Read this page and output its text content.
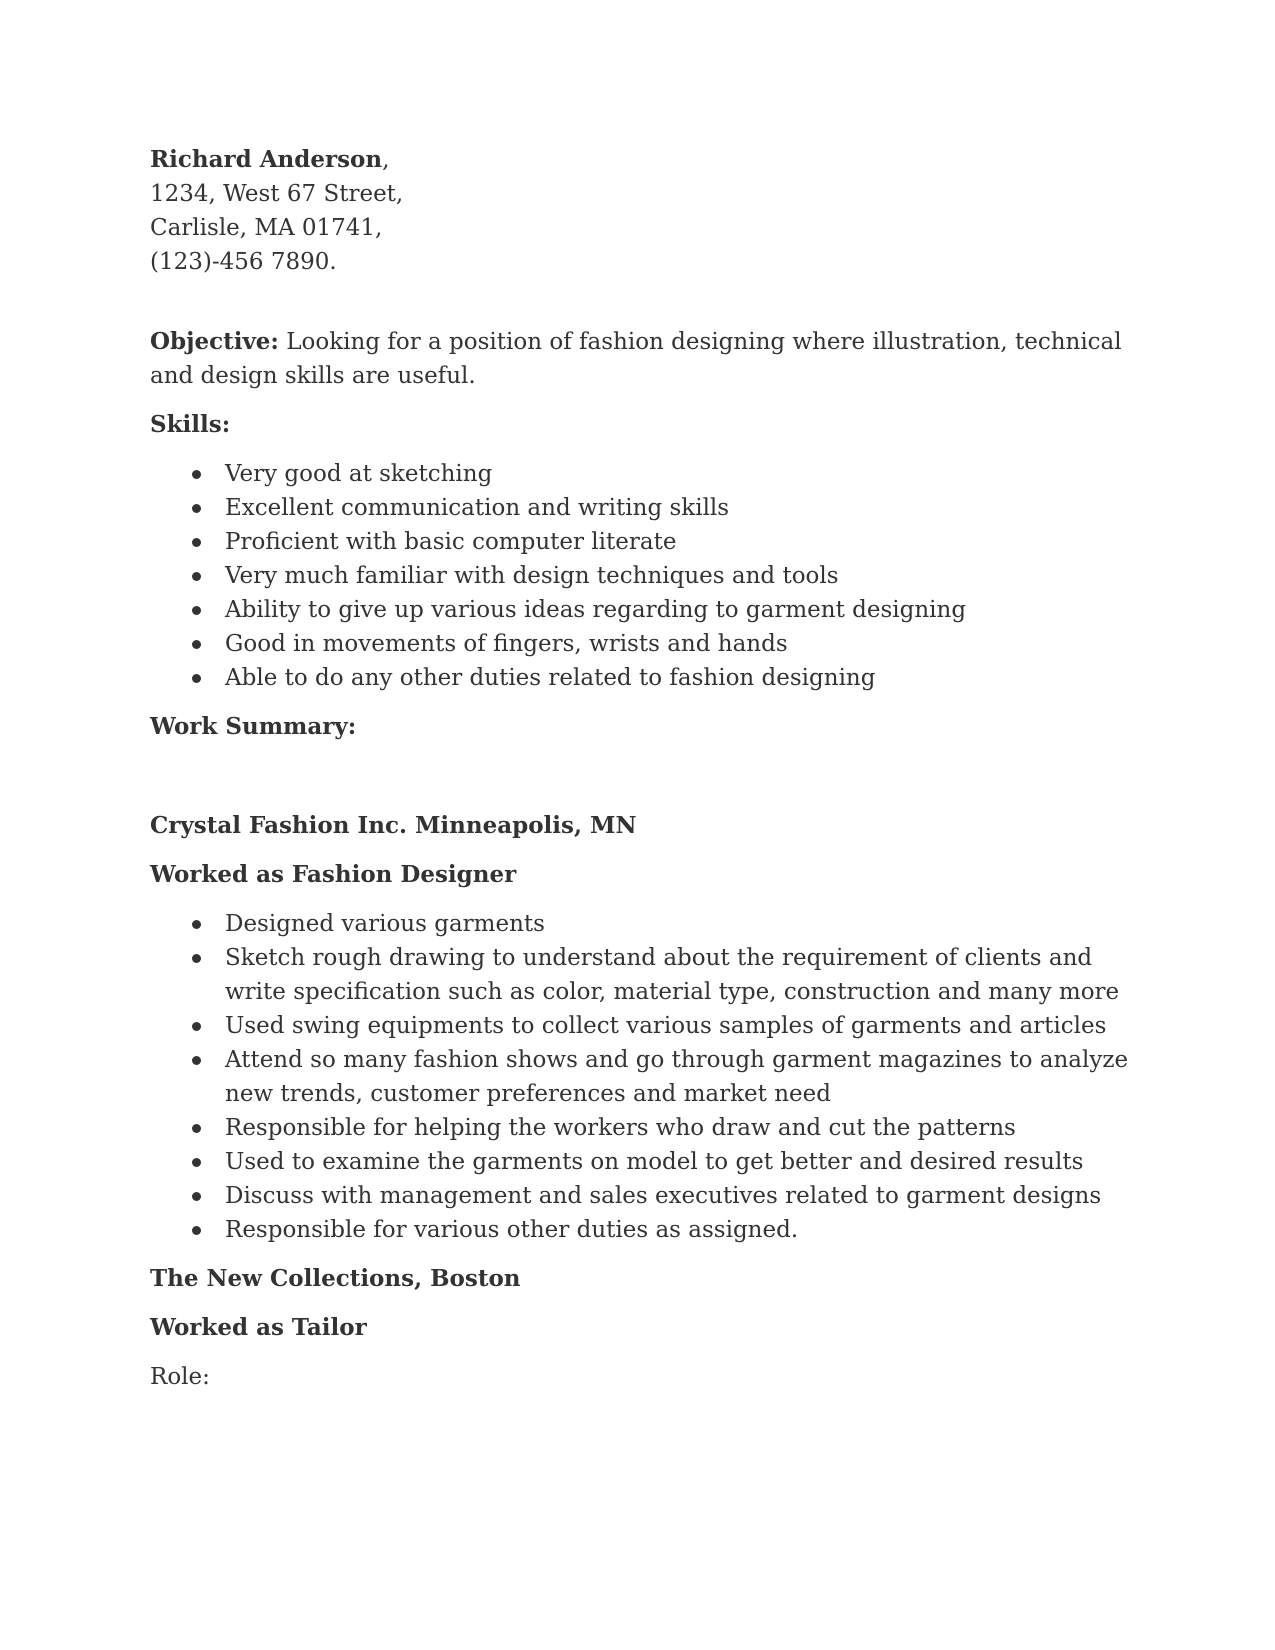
Richard Anderson,
1234, West 67 Street,
Carlisle, MA 01741,
(123)-456 7890.

Objective: Looking for a position of fashion designing where illustration, technical and design skills are useful.

Skills:

Very good at sketching
Excellent communication and writing skills
Proficient with basic computer literate
Very much familiar with design techniques and tools
Ability to give up various ideas regarding to garment designing
Good in movements of fingers, wrists and hands
Able to do any other duties related to fashion designing

Work Summary:

Crystal Fashion Inc. Minneapolis, MN

Worked as Fashion Designer

Designed various garments
Sketch rough drawing to understand about the requirement of clients and write specification such as color, material type, construction and many more
Used swing equipments to collect various samples of garments and articles
Attend so many fashion shows and go through garment magazines to analyze new trends, customer preferences and market need
Responsible for helping the workers who draw and cut the patterns
Used to examine the garments on model to get better and desired results
Discuss with management and sales executives related to garment designs
Responsible for various other duties as assigned.

The New Collections, Boston

Worked as Tailor

Role:
